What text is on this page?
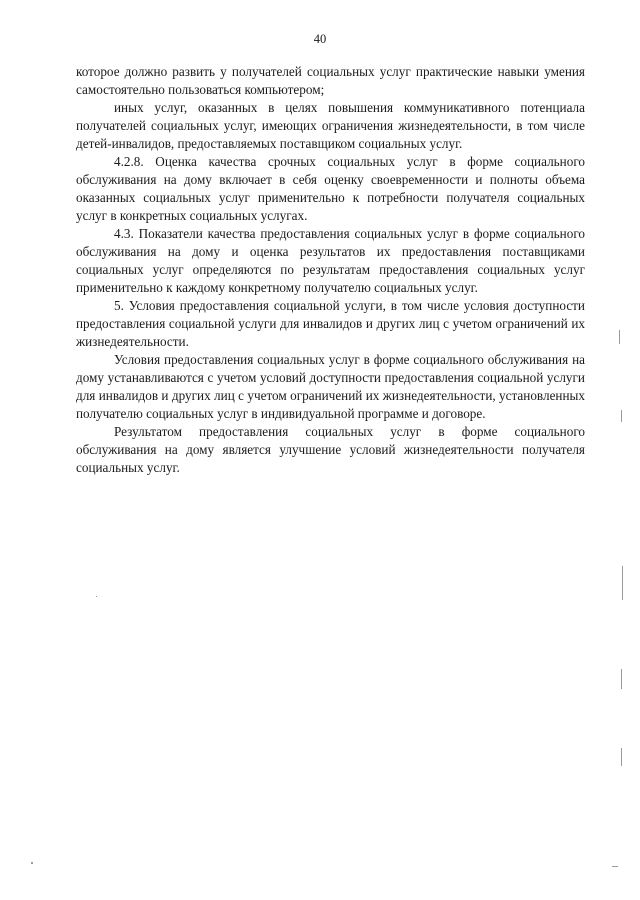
40

которое должно развить у получателей социальных услуг практические навыки умения самостоятельно пользоваться компьютером;

иных услуг, оказанных в целях повышения коммуникативного потенциала получателей социальных услуг, имеющих ограничения жизнедеятельности, в том числе детей-инвалидов, предоставляемых поставщиком социальных услуг.

4.2.8. Оценка качества срочных социальных услуг в форме социального обслуживания на дому включает в себя оценку своевременности и полноты объема оказанных социальных услуг применительно к потребности получателя социальных услуг в конкретных социальных услугах.

4.3. Показатели качества предоставления социальных услуг в форме социального обслуживания на дому и оценка результатов их предоставления поставщиками социальных услуг определяются по результатам предоставления социальных услуг применительно к каждому конкретному получателю социальных услуг.

5. Условия предоставления социальной услуги, в том числе условия доступности предоставления социальной услуги для инвалидов и других лиц с учетом ограничений их жизнедеятельности.

Условия предоставления социальных услуг в форме социального обслуживания на дому устанавливаются с учетом условий доступности предоставления социальной услуги для инвалидов и других лиц с учетом ограничений их жизнедеятельности, установленных получателю социальных услуг в индивидуальной программе и договоре.

Результатом предоставления социальных услуг в форме социального обслуживания на дому является улучшение условий жизнедеятельности получателя социальных услуг.
